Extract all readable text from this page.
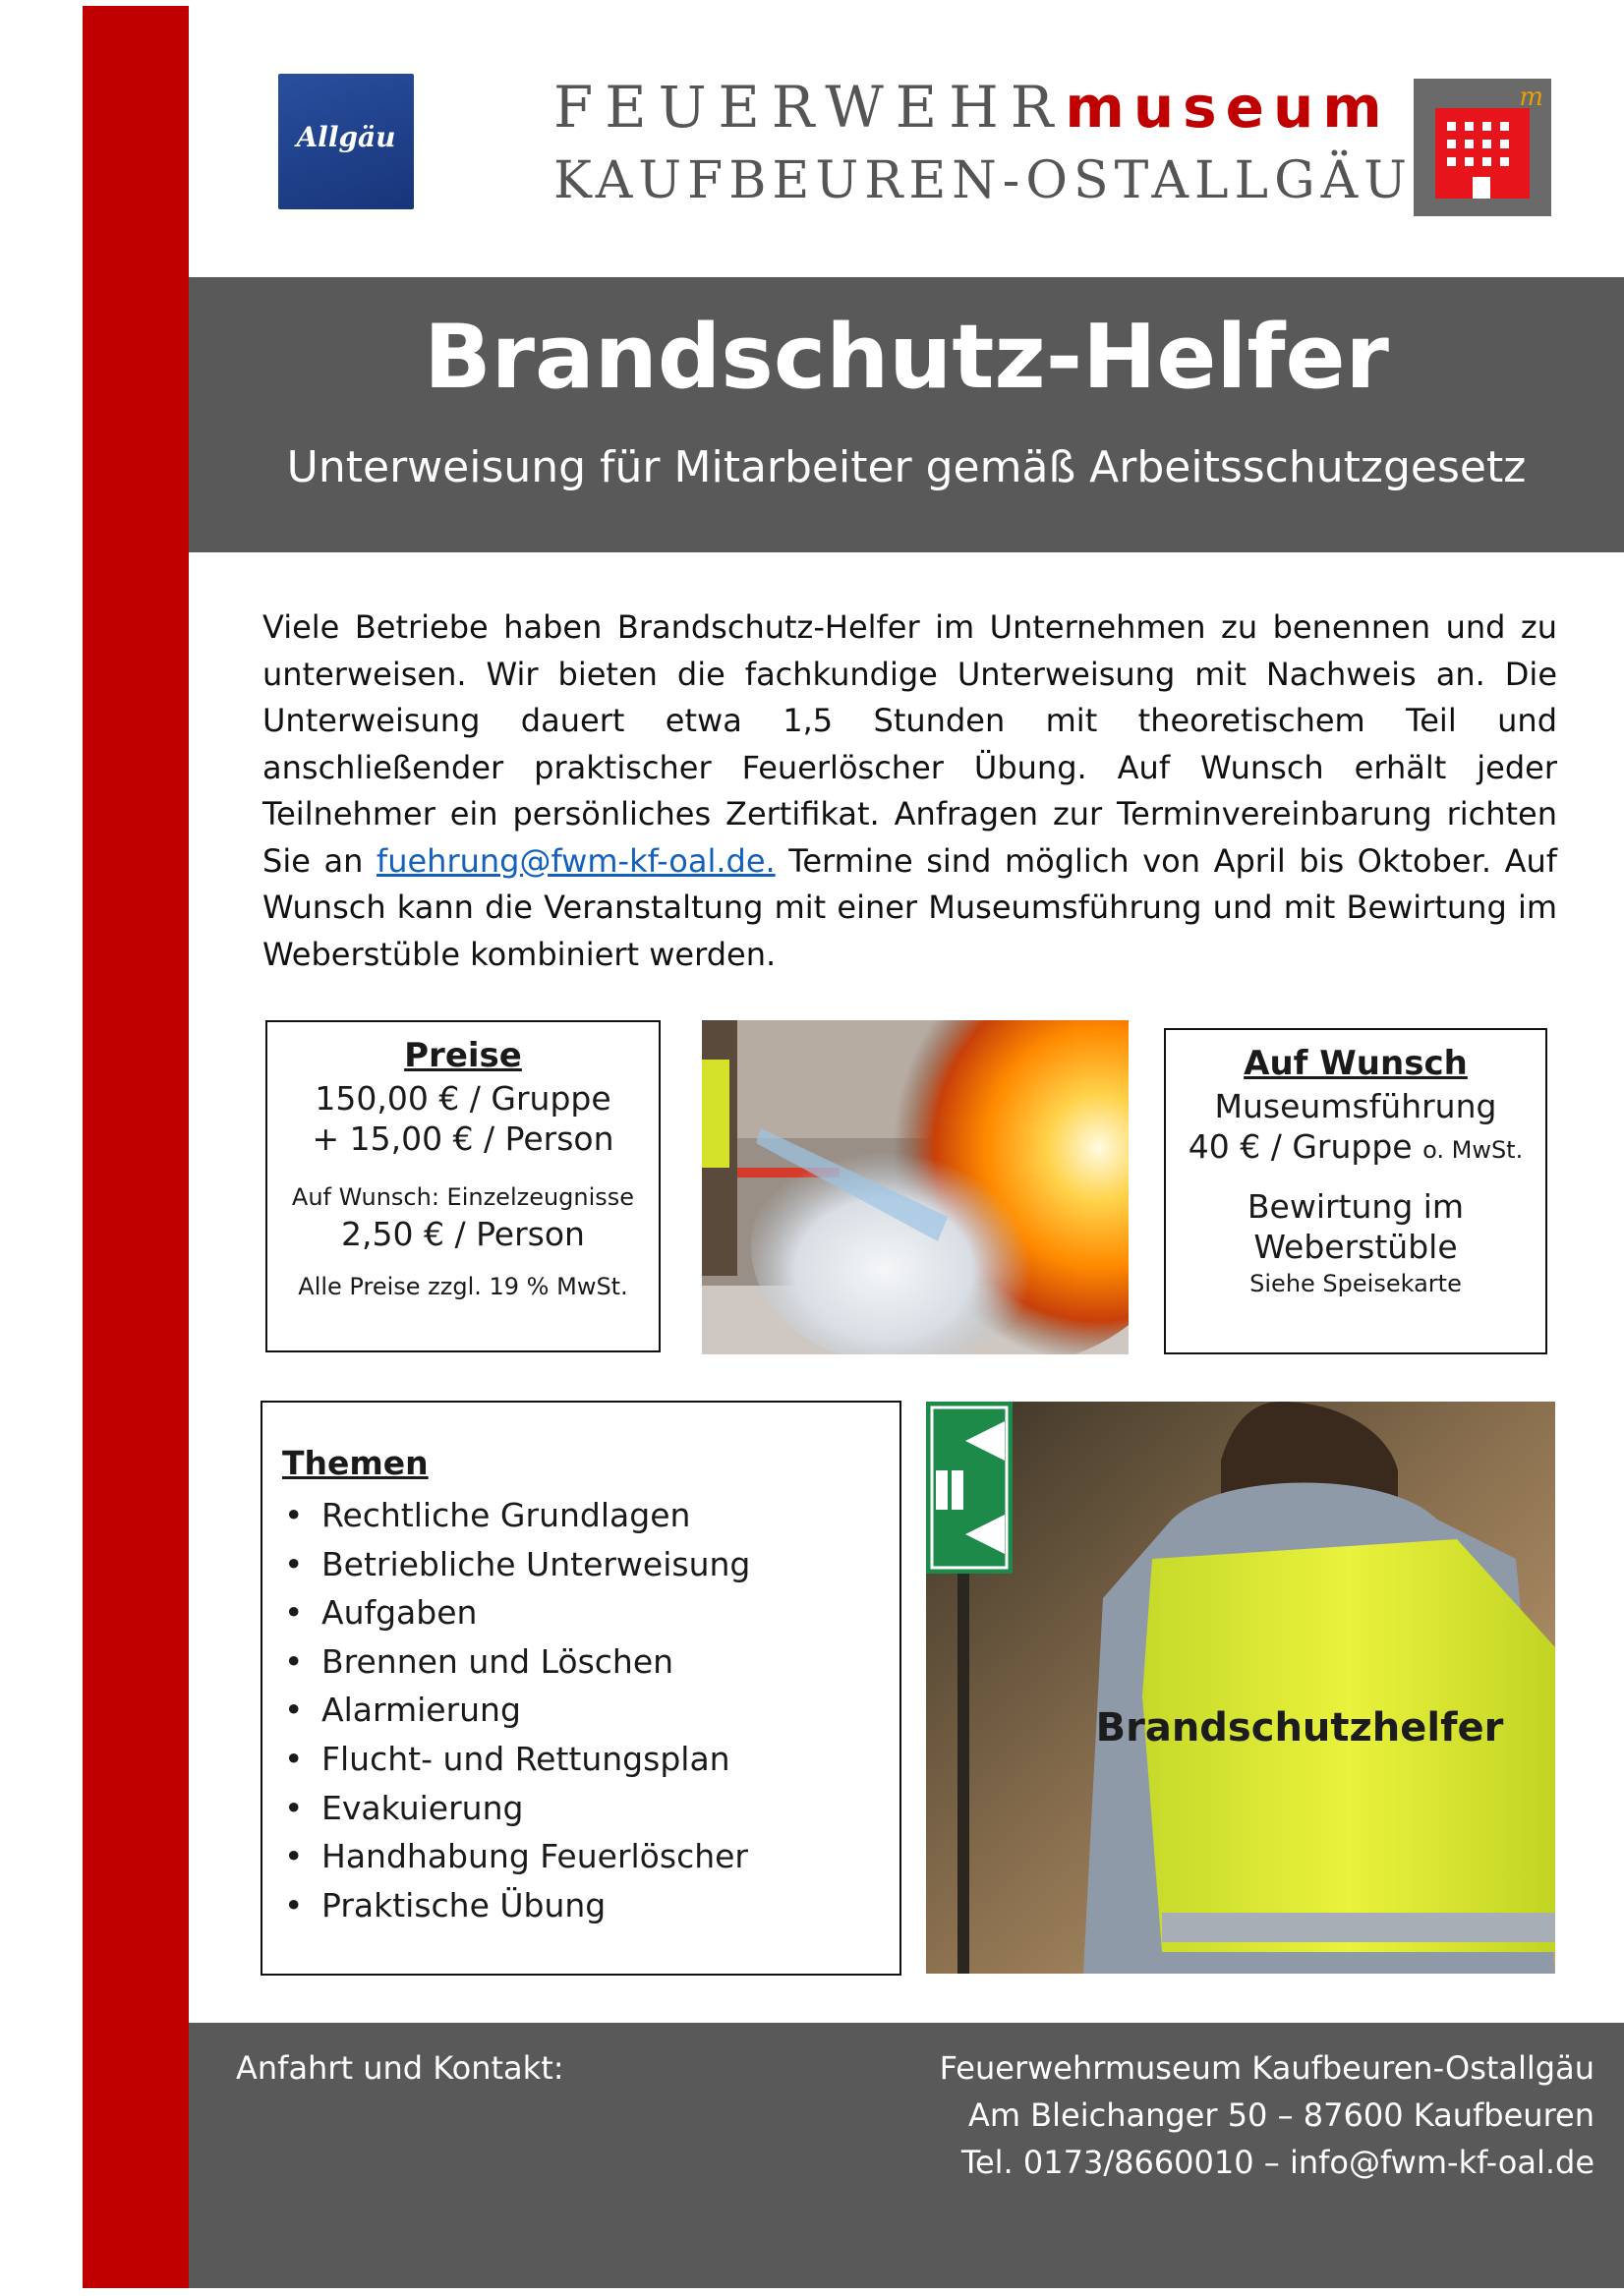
Allgäu	FEUERWEHRmuseum
KAUFBEUREN-OSTALLGÄU
m
Brandschutz-Helfer
Unterweisung für Mitarbeiter gemäß Arbeitsschutzgesetz
Viele Betriebe haben Brandschutz-Helfer im Unternehmen zu benennen und zu unterweisen. Wir bieten die fachkundige Unterweisung mit Nachweis an. Die Unterweisung dauert etwa 1,5 Stunden mit theoretischem Teil und anschließender praktischer Feuerlöscher Übung. Auf Wunsch erhält jeder Teilnehmer ein persönliches Zertifikat. Anfragen zur Terminvereinbarung richten Sie an fuehrung@fwm-kf-oal.de. Termine sind möglich von April bis Oktober. Auf Wunsch kann die Veranstaltung mit einer Museumsführung und mit Bewirtung im Weberstüble kombiniert werden.
Preise
150,00 € / Gruppe
+ 15,00 € / Person
Auf Wunsch: Einzelzeugnisse
2,50 € / Person
Alle Preise zzgl. 19 % MwSt.
Auf Wunsch
Museumsführung
40 € / Gruppe o. MwSt.
Bewirtung im
Weberstüble
Siehe Speisekarte
Themen
• Rechtliche Grundlagen
• Betriebliche Unterweisung
• Aufgaben
• Brennen und Löschen
• Alarmierung
• Flucht- und Rettungsplan
• Evakuierung
• Handhabung Feuerlöscher
• Praktische Übung
Brandschutzhelfer
Anfahrt und Kontakt:	Feuerwehrmuseum Kaufbeuren-Ostallgäu
Am Bleichanger 50 – 87600 Kaufbeuren
Tel. 0173/8660010 – info@fwm-kf-oal.de
